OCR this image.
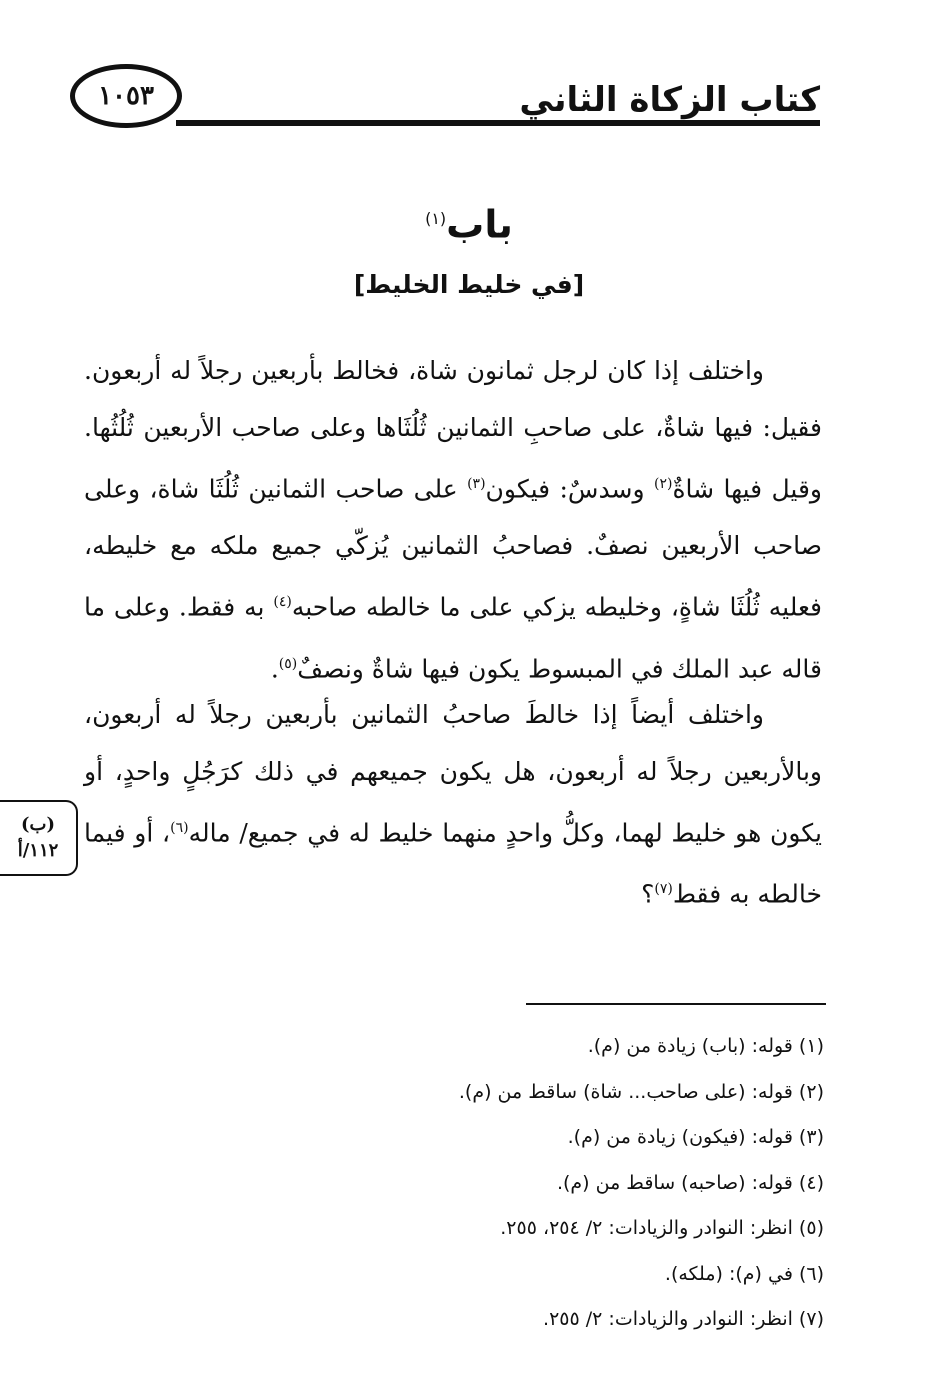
كتاب الزكاة الثاني
١٠٥٣
باب$^{(١)}$
[في خليط الخليط]

واختلف إذا كان لرجل ثمانون شاة، فخالط بأربعين رجلاً له أربعون. فقيل: فيها شاةٌ، على صاحبِ الثمانين ثُلُثَاها وعلى صاحب الأربعين ثُلُثُها. وقيل فيها شاةٌ$^{(٢)}$ وسدسٌ: فيكون$^{(٣)}$ على صاحب الثمانين ثُلُثَا شاة، وعلى صاحب الأربعين نصفٌ. فصاحبُ الثمانين يُزكّي جميع ملكه مع خليطه، فعليه ثُلُثَا شاةٍ، وخليطه يزكي على ما خالطه صاحبه$^{(٤)}$ به فقط. وعلى ما قاله عبد الملك في المبسوط يكون فيها شاةٌ ونصفٌ$^{(٥)}$.

واختلف أيضاً إذا خالطَ صاحبُ الثمانين بأربعين رجلاً له أربعون، وبالأربعين رجلاً له أربعون، هل يكون جميعهم في ذلك كرَجُلٍ واحدٍ، أو يكون هو خليط لهما، وكلُّ واحدٍ منهما خليط له في جميع/ ماله$^{(٦)}$، أو فيما خالطه به فقط$^{(٧)}$؟

(ب)
١١٢/أ
(١) قوله: (باب) زيادة من (م).
(٢) قوله: (على صاحب... شاة) ساقط من (م).
(٣) قوله: (فيكون) زيادة من (م).
(٤) قوله: (صاحبه) ساقط من (م).
(٥) انظر: النوادر والزيادات: ٢/ ٢٥٤، ٢٥٥.
(٦) في (م): (ملكه).
(٧) انظر: النوادر والزيادات: ٢/ ٢٥٥.
